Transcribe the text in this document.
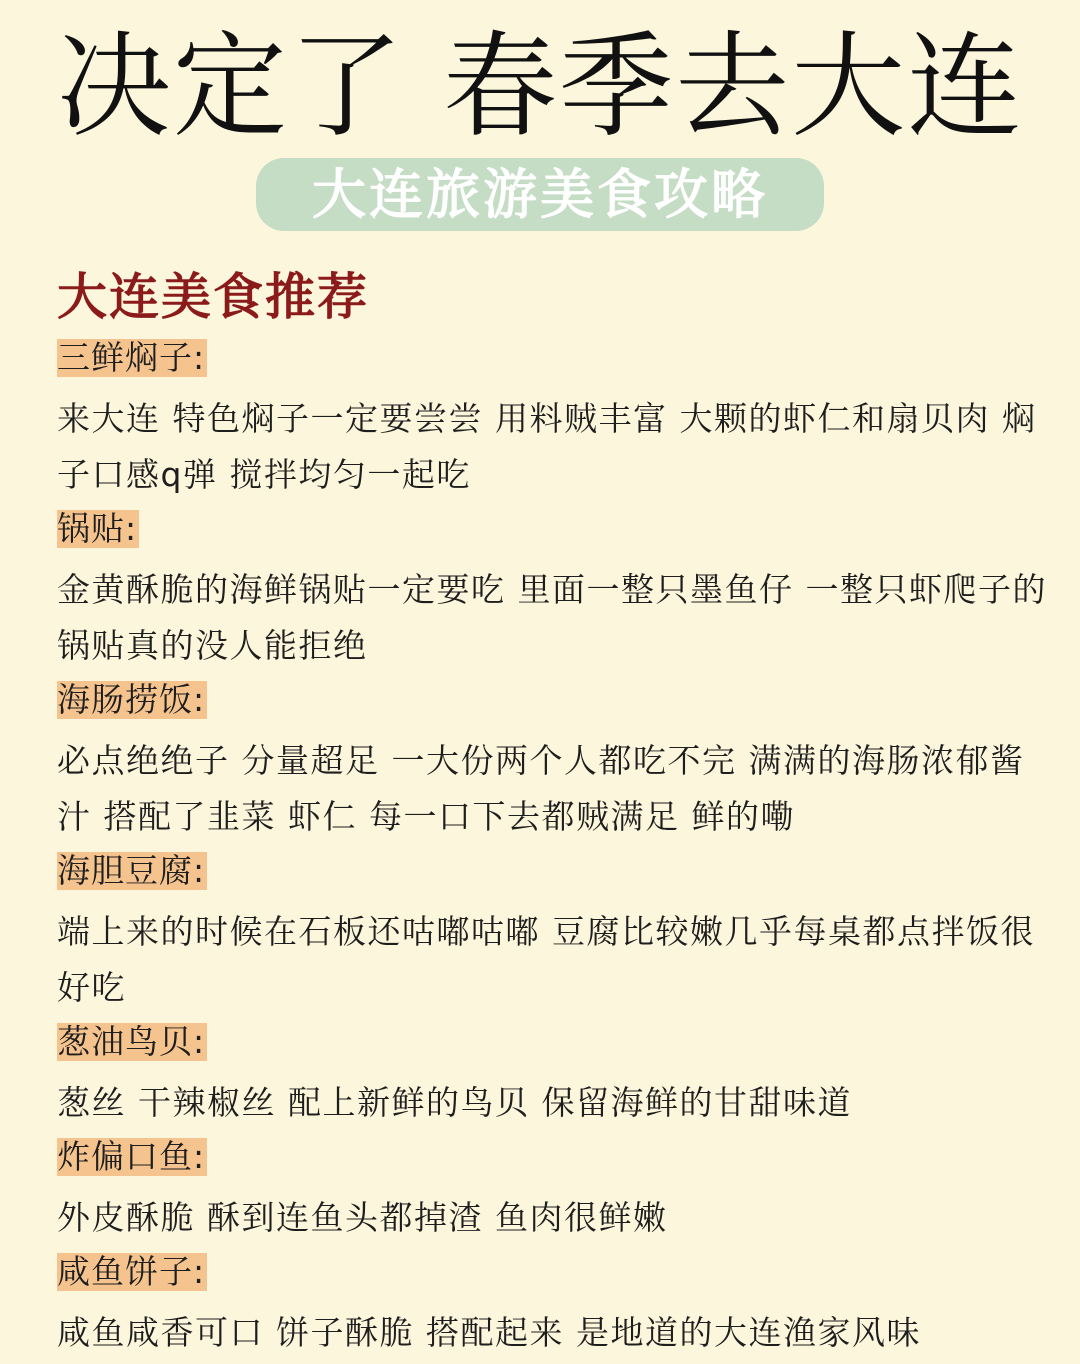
决定了 春季去大连
大连旅游美食攻略
大连美食推荐
三鲜焖子:
来大连 特色焖子一定要尝尝 用料贼丰富 大颗的虾仁和扇贝肉 焖子口感q弹 搅拌均匀一起吃
锅贴:
金黄酥脆的海鲜锅贴一定要吃 里面一整只墨鱼仔 一整只虾爬子的锅贴真的没人能拒绝
海肠捞饭:
必点绝绝子 分量超足 一大份两个人都吃不完 满满的海肠浓郁酱汁 搭配了韭菜 虾仁 每一口下去都贼满足 鲜的嘞
海胆豆腐:
端上来的时候在石板还咕嘟咕嘟 豆腐比较嫩几乎每桌都点拌饭很好吃
葱油鸟贝:
葱丝 干辣椒丝 配上新鲜的鸟贝 保留海鲜的甘甜味道
炸偏口鱼:
外皮酥脆 酥到连鱼头都掉渣 鱼肉很鲜嫩
咸鱼饼子:
咸鱼咸香可口 饼子酥脆 搭配起来 是地道的大连渔家风味
